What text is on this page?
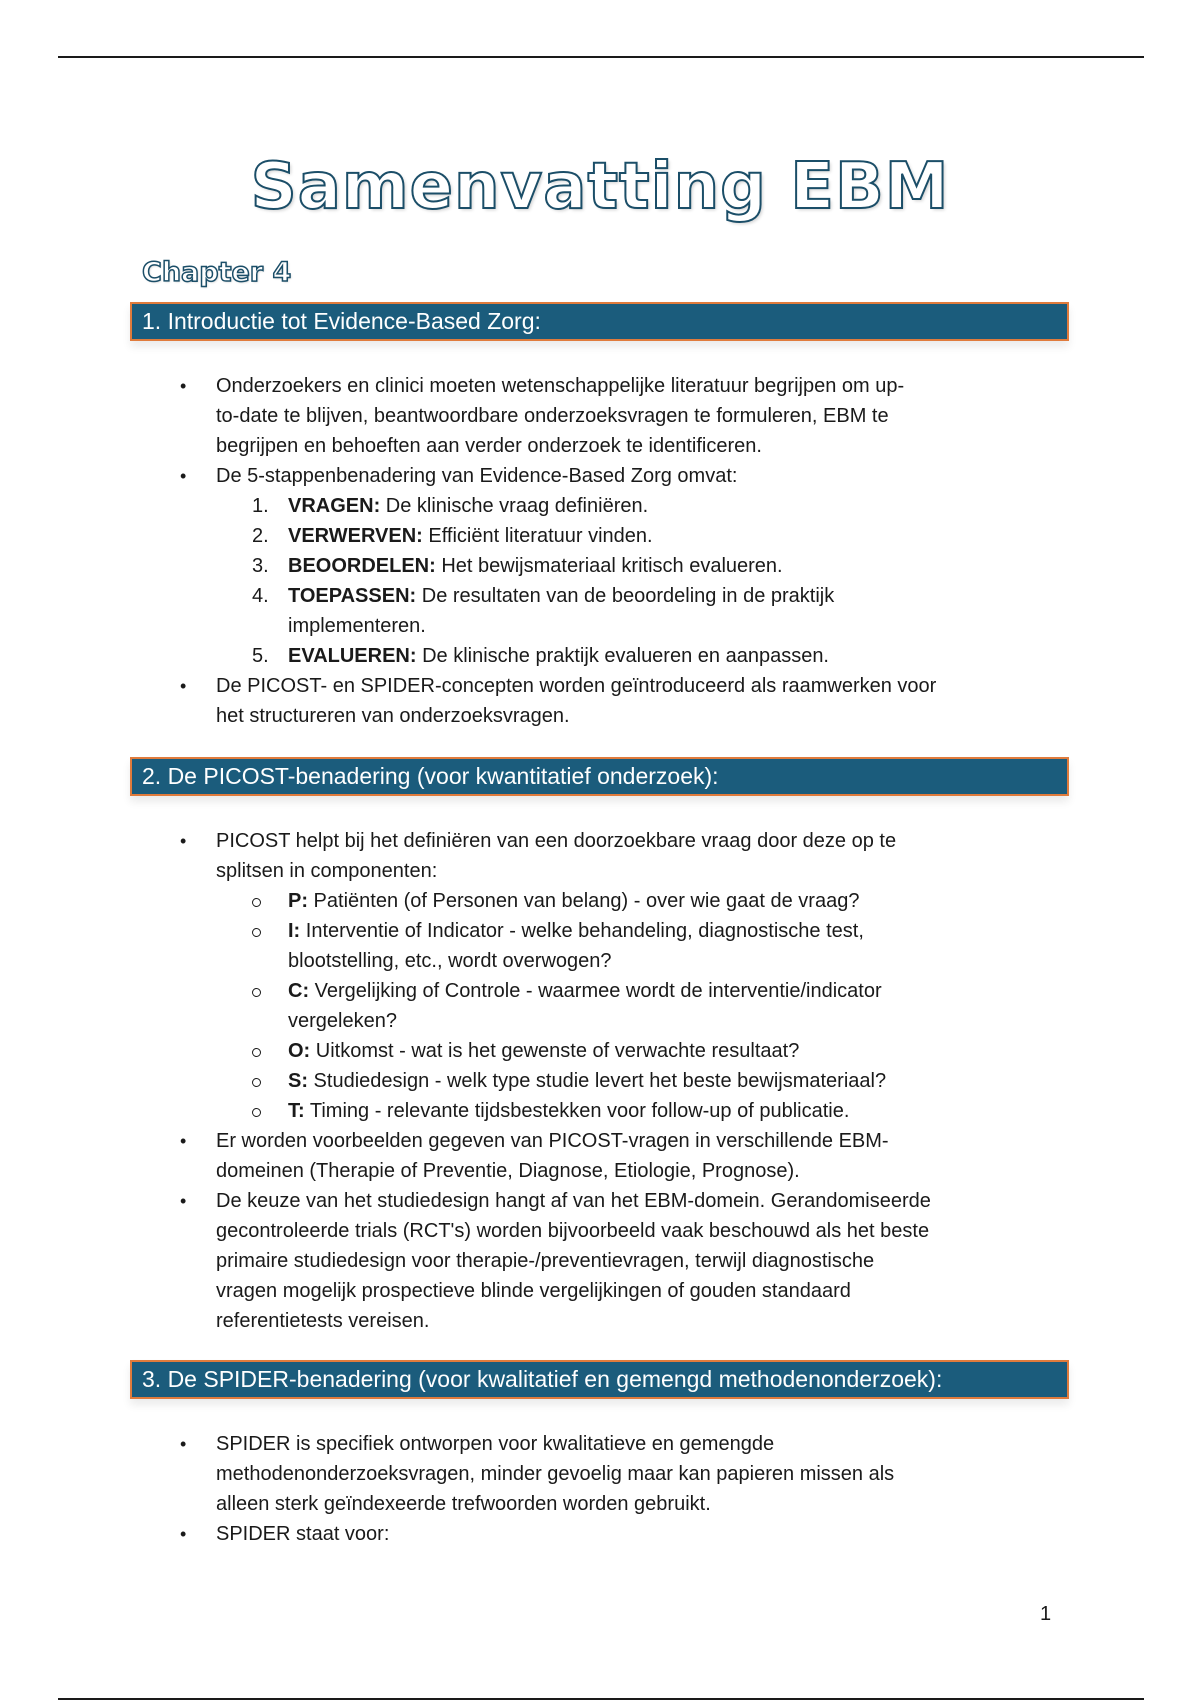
Samenvatting EBM
Chapter 4
1. Introductie tot Evidence-Based Zorg:
• Onderzoekers en clinici moeten wetenschappelijke literatuur begrijpen om up-
to-date te blijven, beantwoordbare onderzoeksvragen te formuleren, EBM te
begrijpen en behoeften aan verder onderzoek te identificeren.
• De 5-stappenbenadering van Evidence-Based Zorg omvat:
1. VRAGEN: De klinische vraag definiëren.
2. VERWERVEN: Efficiënt literatuur vinden.
3. BEOORDELEN: Het bewijsmateriaal kritisch evalueren.
4. TOEPASSEN: De resultaten van de beoordeling in de praktijk
implementeren.
5. EVALUEREN: De klinische praktijk evalueren en aanpassen.
• De PICOST- en SPIDER-concepten worden geïntroduceerd als raamwerken voor
het structureren van onderzoeksvragen.
2. De PICOST-benadering (voor kwantitatief onderzoek):
• PICOST helpt bij het definiëren van een doorzoekbare vraag door deze op te
splitsen in componenten:
P: Patiënten (of Personen van belang) - over wie gaat de vraag?
I: Interventie of Indicator - welke behandeling, diagnostische test,
blootstelling, etc., wordt overwogen?
C: Vergelijking of Controle - waarmee wordt de interventie/indicator
vergeleken?
O: Uitkomst - wat is het gewenste of verwachte resultaat?
S: Studiedesign - welk type studie levert het beste bewijsmateriaal?
T: Timing - relevante tijdsbestekken voor follow-up of publicatie.
• Er worden voorbeelden gegeven van PICOST-vragen in verschillende EBM-
domeinen (Therapie of Preventie, Diagnose, Etiologie, Prognose).
• De keuze van het studiedesign hangt af van het EBM-domein. Gerandomiseerde
gecontroleerde trials (RCT's) worden bijvoorbeeld vaak beschouwd als het beste
primaire studiedesign voor therapie-/preventievragen, terwijl diagnostische
vragen mogelijk prospectieve blinde vergelijkingen of gouden standaard
referentietests vereisen.
3. De SPIDER-benadering (voor kwalitatief en gemengd methodenonderzoek):
• SPIDER is specifiek ontworpen voor kwalitatieve en gemengde
methodenonderzoeksvragen, minder gevoelig maar kan papieren missen als
alleen sterk geïndexeerde trefwoorden worden gebruikt.
• SPIDER staat voor:
1
